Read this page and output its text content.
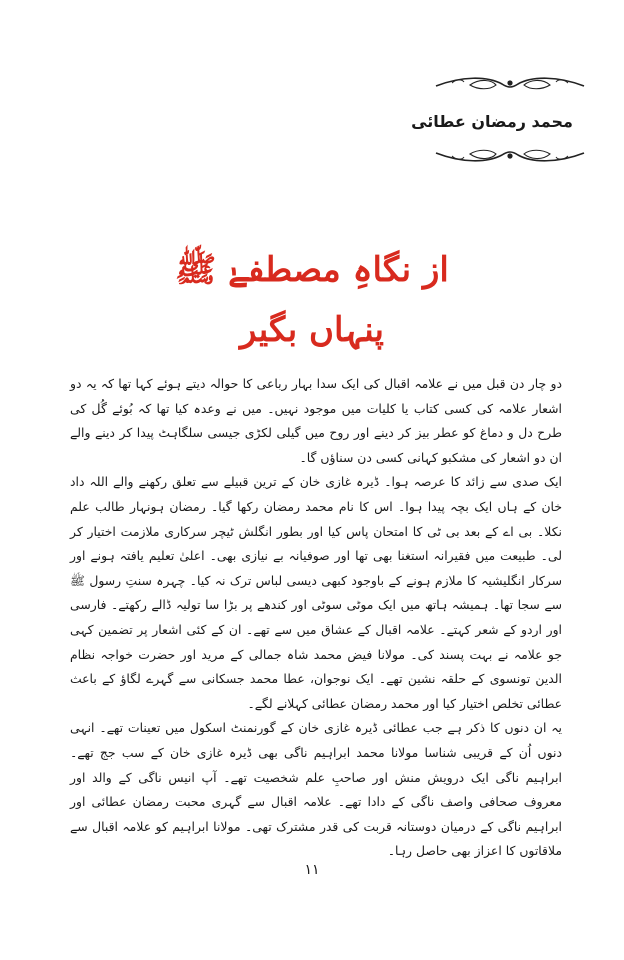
محمد رمضان عطائی
از نگاہِ مصطفےٰ ﷺ پنہاں بگیر

دو چار دن قبل میں نے علامہ اقبال کی ایک سدا بہار رباعی کا حوالہ دیتے ہوئے کہا تھا کہ یہ دو اشعار علامہ کی کسی کتاب یا کلیات میں موجود نہیں۔ میں نے وعدہ کیا تھا کہ بُوئے گُل کی طرح دل و دماغ کو عطر بیز کر دینے اور روح میں گیلی لکڑی جیسی سلگاہٹ پیدا کر دینے والے ان دو اشعار کی مشکبو کہانی کسی دن سناؤں گا۔

ایک صدی سے زائد کا عرصہ ہوا۔ ڈیرہ غازی خان کے ترین قبیلے سے تعلق رکھنے والے اللہ داد خان کے ہاں ایک بچہ پیدا ہوا۔ اس کا نام محمد رمضان رکھا گیا۔ رمضان ہونہار طالب علم نکلا۔ بی اے کے بعد بی ٹی کا امتحان پاس کیا اور بطور انگلش ٹیچر سرکاری ملازمت اختیار کر لی۔ طبیعت میں فقیرانہ استغنا بھی تھا اور صوفیانہ بے نیازی بھی۔ اعلیٰ تعلیم یافتہ ہونے اور سرکار انگلیشیہ کا ملازم ہونے کے باوجود کبھی دیسی لباس ترک نہ کیا۔ چہرہ سنتِ رسول ﷺ سے سجا تھا۔ ہمیشہ ہاتھ میں ایک موٹی سوٹی اور کندھے پر بڑا سا تولیہ ڈالے رکھتے۔ فارسی اور اردو کے شعر کہتے۔ علامہ اقبال کے عشاق میں سے تھے۔ ان کے کئی اشعار پر تضمین کہی جو علامہ نے بہت پسند کی۔ مولانا فیض محمد شاہ جمالی کے مرید اور حضرت خواجہ نظام الدین تونسوی کے حلقہ نشین تھے۔ ایک نوجوان، عطا محمد جسکانی سے گہرے لگاؤ کے باعث عطائی تخلص اختیار کیا اور محمد رمضان عطائی کہلانے لگے۔

یہ ان دنوں کا ذکر ہے جب عطائی ڈیرہ غازی خان کے گورنمنٹ اسکول میں تعینات تھے۔ انہی دنوں اُن کے قریبی شناسا مولانا محمد ابراہیم ناگی بھی ڈیرہ غازی خان کے سب جج تھے۔ ابراہیم ناگی ایک درویش منش اور صاحبِ علم شخصیت تھے۔ آپ انیس ناگی کے والد اور معروف صحافی واصف ناگی کے دادا تھے۔ علامہ اقبال سے گہری محبت رمضان عطائی اور ابراہیم ناگی کے درمیان دوستانہ قربت کی قدر مشترک تھی۔ مولانا ابراہیم کو علامہ اقبال سے ملاقاتوں کا اعزاز بھی حاصل رہا۔

۱۱
